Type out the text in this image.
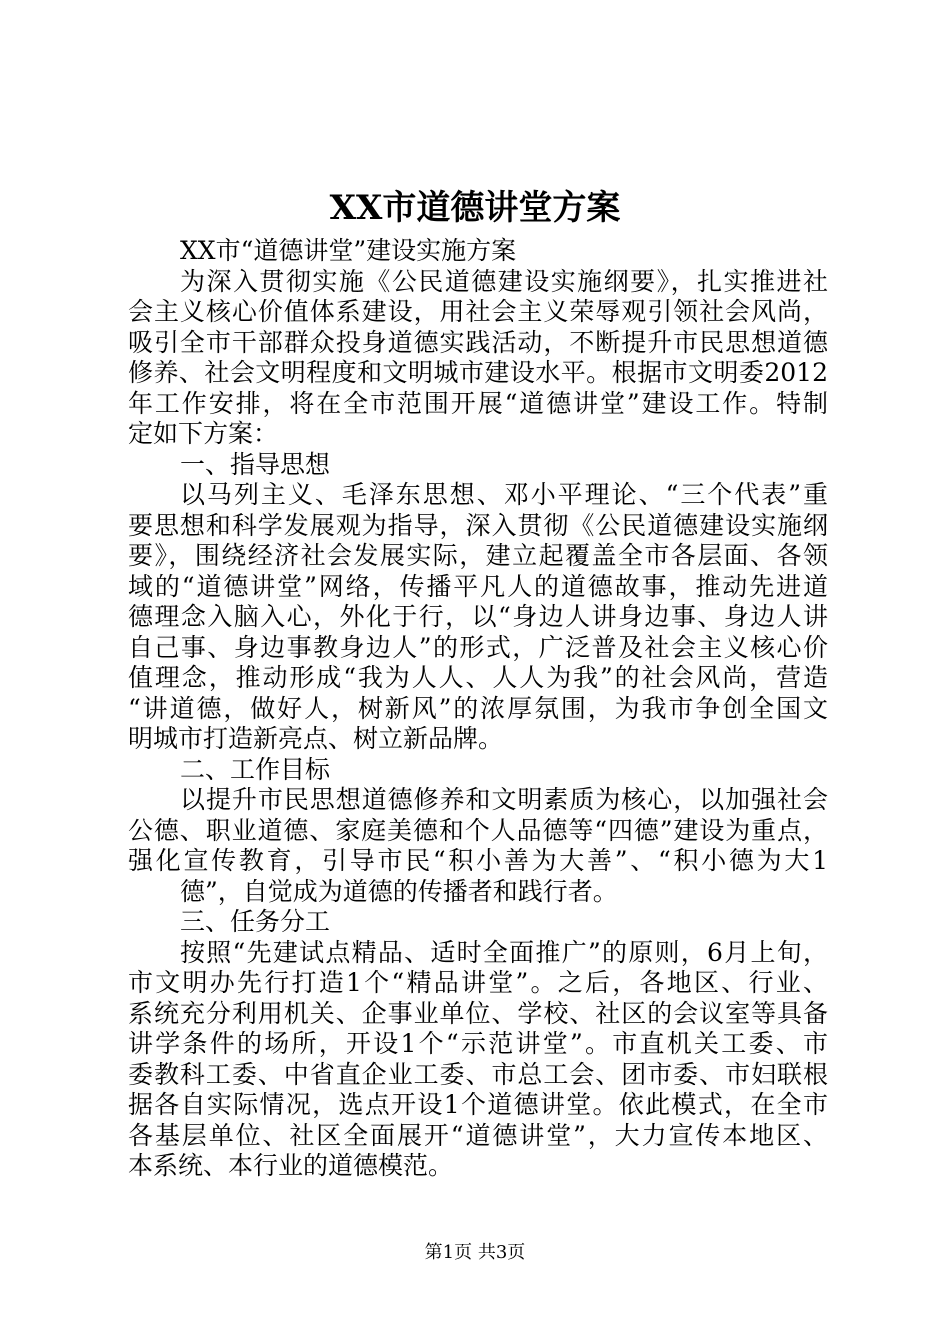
XX市道德讲堂方案
XX市“道德讲堂”建设实施方案
为深入贯彻实施《公民道德建设实施纲要》，扎实推进社
会主义核心价值体系建设，用社会主义荣辱观引领社会风尚，
吸引全市干部群众投身道德实践活动，不断提升市民思想道德
修养、社会文明程度和文明城市建设水平。根据市文明委2012
年工作安排，将在全市范围开展“道德讲堂”建设工作。特制
定如下方案：
一、指导思想
以马列主义、毛泽东思想、邓小平理论、“三个代表”重
要思想和科学发展观为指导，深入贯彻《公民道德建设实施纲
要》，围绕经济社会发展实际，建立起覆盖全市各层面、各领
域的“道德讲堂”网络，传播平凡人的道德故事，推动先进道
德理念入脑入心，外化于行，以“身边人讲身边事、身边人讲
自己事、身边事教身边人”的形式，广泛普及社会主义核心价
值理念，推动形成“我为人人、人人为我”的社会风尚，营造
“讲道德，做好人，树新风”的浓厚氛围，为我市争创全国文
明城市打造新亮点、树立新品牌。
二、工作目标
以提升市民思想道德修养和文明素质为核心，以加强社会
公德、职业道德、家庭美德和个人品德等“四德”建设为重点，
强化宣传教育，引导市民“积小善为大善”、“积小德为大1
德”，自觉成为道德的传播者和践行者。
三、任务分工
按照“先建试点精品、适时全面推广”的原则，6月上旬，
市文明办先行打造1个“精品讲堂”。之后，各地区、行业、
系统充分利用机关、企事业单位、学校、社区的会议室等具备
讲学条件的场所，开设1个“示范讲堂”。市直机关工委、市
委教科工委、中省直企业工委、市总工会、团市委、市妇联根
据各自实际情况，选点开设1个道德讲堂。依此模式，在全市
各基层单位、社区全面展开“道德讲堂”，大力宣传本地区、
本系统、本行业的道德模范。
第1页 共3页
